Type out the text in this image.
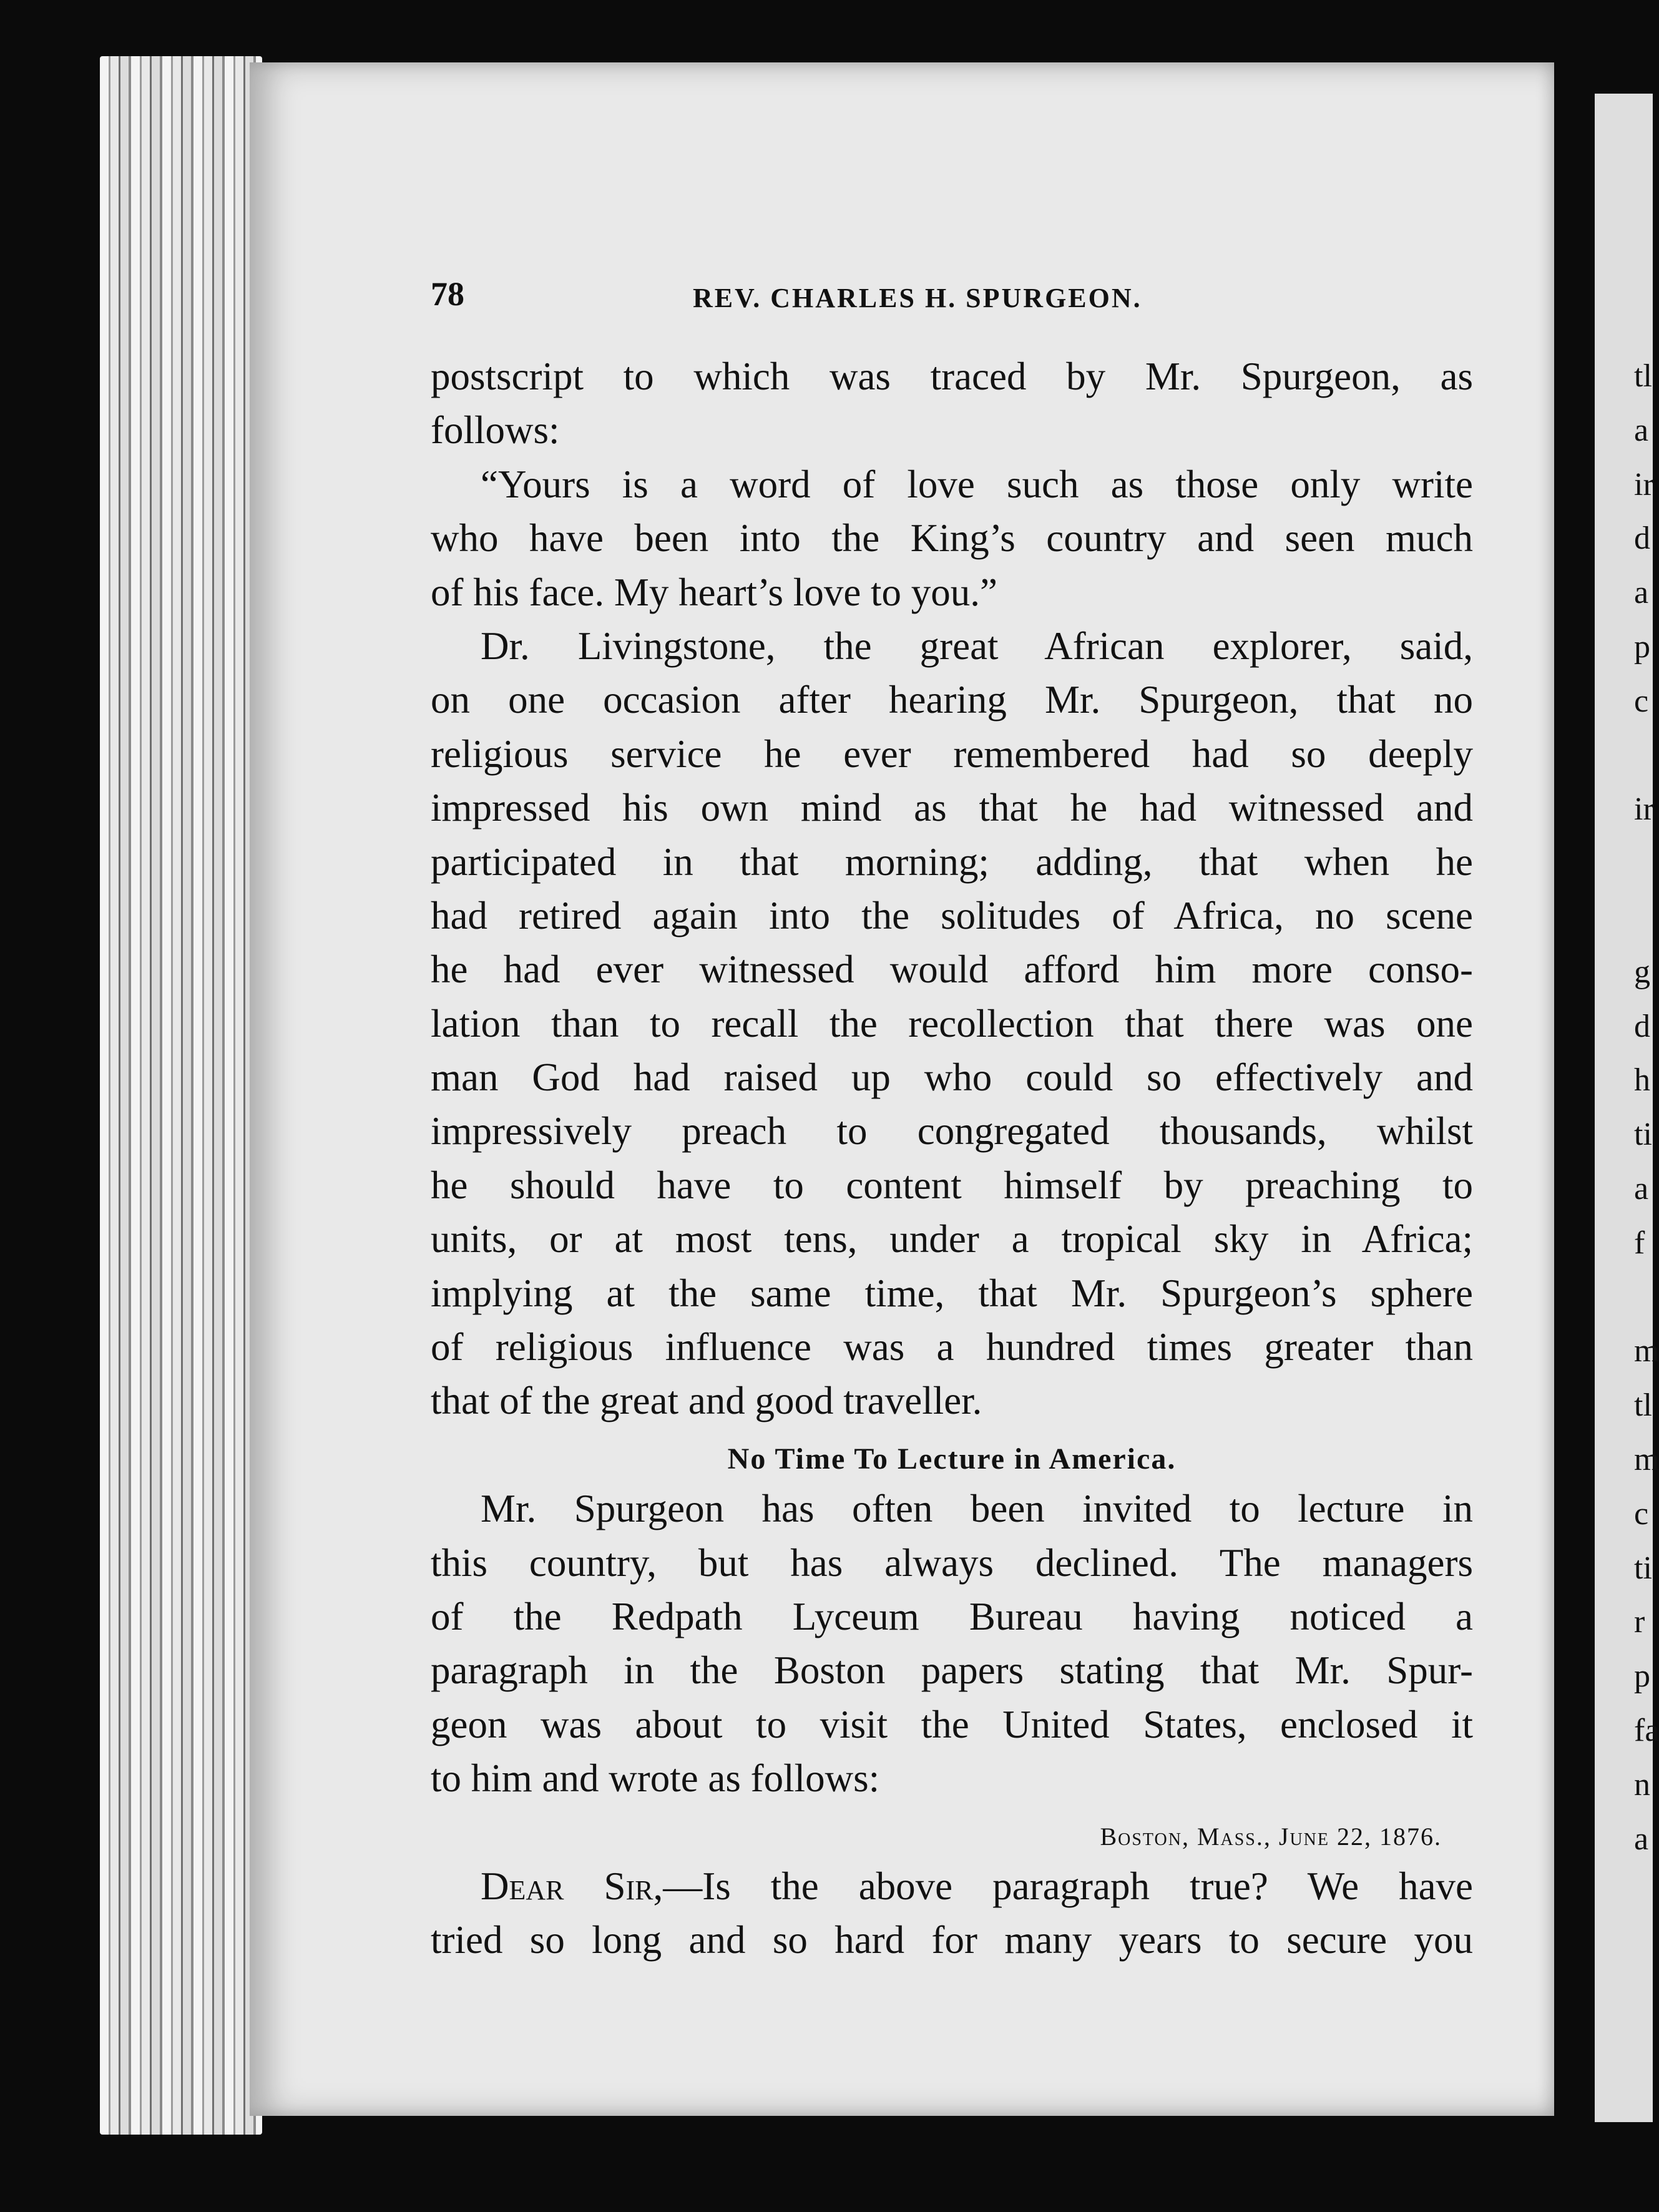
tl
a
ir
d
a
p
c
ir
g
d
h
ti
a
f
m
tl
m
c
ti
r
p
fa
n
a
78	REV. CHARLES H. SPURGEON.
postscript to which was traced by Mr. Spurgeon, as
follows:
“Yours is a word of love such as those only write
who have been into the King’s country and seen much
of his face. My heart’s love to you.”
Dr. Livingstone, the great African explorer, said,
on one occasion after hearing Mr. Spurgeon, that no
religious service he ever remembered had so deeply
impressed his own mind as that he had witnessed and
participated in that morning; adding, that when he
had retired again into the solitudes of Africa, no scene
he had ever witnessed would afford him more conso-
lation than to recall the recollection that there was one
man God had raised up who could so effectively and
impressively preach to congregated thousands, whilst
he should have to content himself by preaching to
units, or at most tens, under a tropical sky in Africa;
implying at the same time, that Mr. Spurgeon’s sphere
of religious influence was a hundred times greater than
that of the great and good traveller.
No Time To Lecture in America.
Mr. Spurgeon has often been invited to lecture in
this country, but has always declined. The managers
of the Redpath Lyceum Bureau having noticed a
paragraph in the Boston papers stating that Mr. Spur-
geon was about to visit the United States, enclosed it
to him and wrote as follows:
Boston, Mass., June 22, 1876.
Dear Sir,—Is the above paragraph true? We have
tried so long and so hard for many years to secure you
